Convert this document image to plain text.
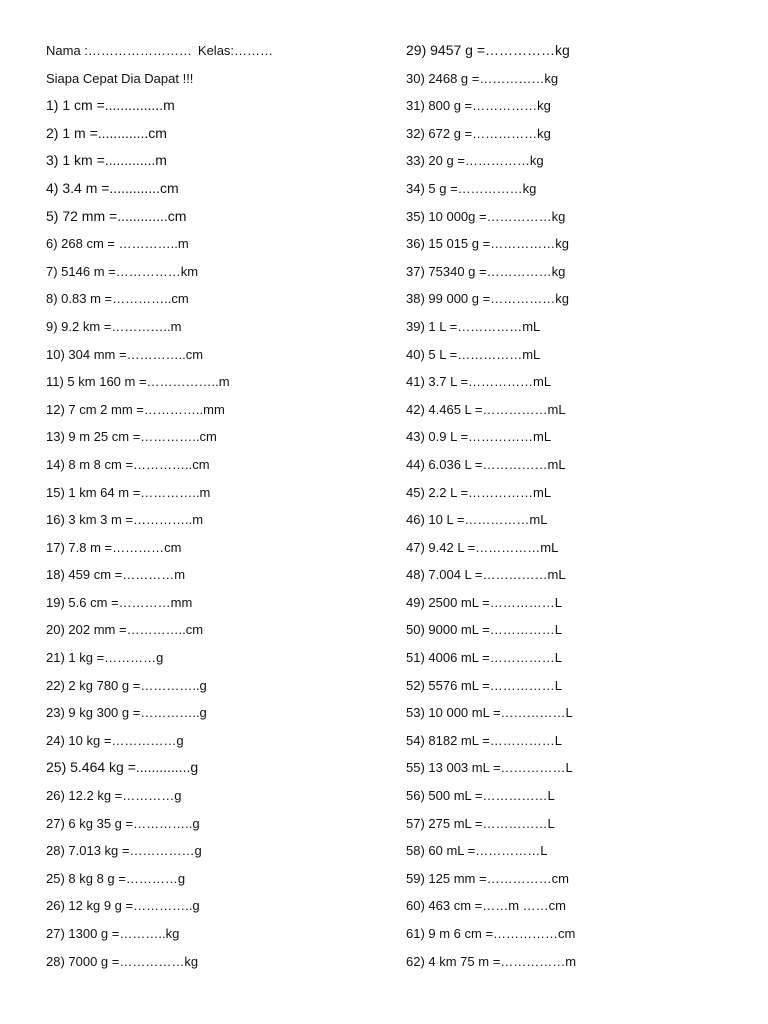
Nama :…………………… Kelas:………
Siapa Cepat Dia Dapat !!!
1) 1 cm =...............m
2) 1 m =.............cm
3) 1 km =.............m
4) 3.4 m =.............cm
5) 72 mm =.............cm
6) 268 cm = …………..m
7) 5146 m =……………km
8) 0.83 m =…………..cm
9) 9.2 km =…………..m
10) 304 mm =…………..cm
11) 5 km 160 m =……………..m
12) 7 cm 2 mm =…………..mm
13) 9 m 25 cm =…………..cm
14) 8 m 8 cm =…………..cm
15) 1 km 64 m =…………..m
16) 3 km 3 m =…………..m
17) 7.8 m =…………cm
18) 459 cm =…………m
19) 5.6 cm =…………mm
20) 202 mm =…………..cm
21) 1 kg =…………g
22) 2 kg 780 g =…………..g
23) 9 kg 300 g =…………..g
24) 10 kg =……………g
25) 5.464 kg =..............g
26) 12.2 kg =…………g
27) 6 kg 35 g =…………..g
28) 7.013 kg =……………g
25) 8 kg 8 g =…………g
26) 12 kg 9 g =…………..g
27) 1300 g =………..kg
28) 7000 g =……………kg
29) 9457 g =……………kg
30) 2468 g =……………kg
31) 800 g =……………kg
32) 672 g =……………kg
33) 20 g =……………kg
34) 5 g =……………kg
35) 10 000g =……………kg
36) 15 015 g =……………kg
37) 75340 g =……………kg
38) 99 000 g =……………kg
39) 1 L =……………mL
40) 5 L =……………mL
41) 3.7 L =……………mL
42) 4.465 L =……………mL
43) 0.9 L =……………mL
44) 6.036 L =……………mL
45) 2.2 L =……………mL
46) 10 L =……………mL
47) 9.42 L =……………mL
48) 7.004 L =……………mL
49) 2500 mL =……………L
50) 9000 mL =……………L
51) 4006 mL =……………L
52) 5576 mL =……………L
53) 10 000 mL =……………L
54) 8182 mL =……………L
55) 13 003 mL =……………L
56) 500 mL =……………L
57) 275 mL =……………L
58) 60 mL =……………L
59) 125 mm =……………cm
60) 463 cm =……m ……cm
61) 9 m 6 cm =……………cm
62) 4 km 75 m =……………m
